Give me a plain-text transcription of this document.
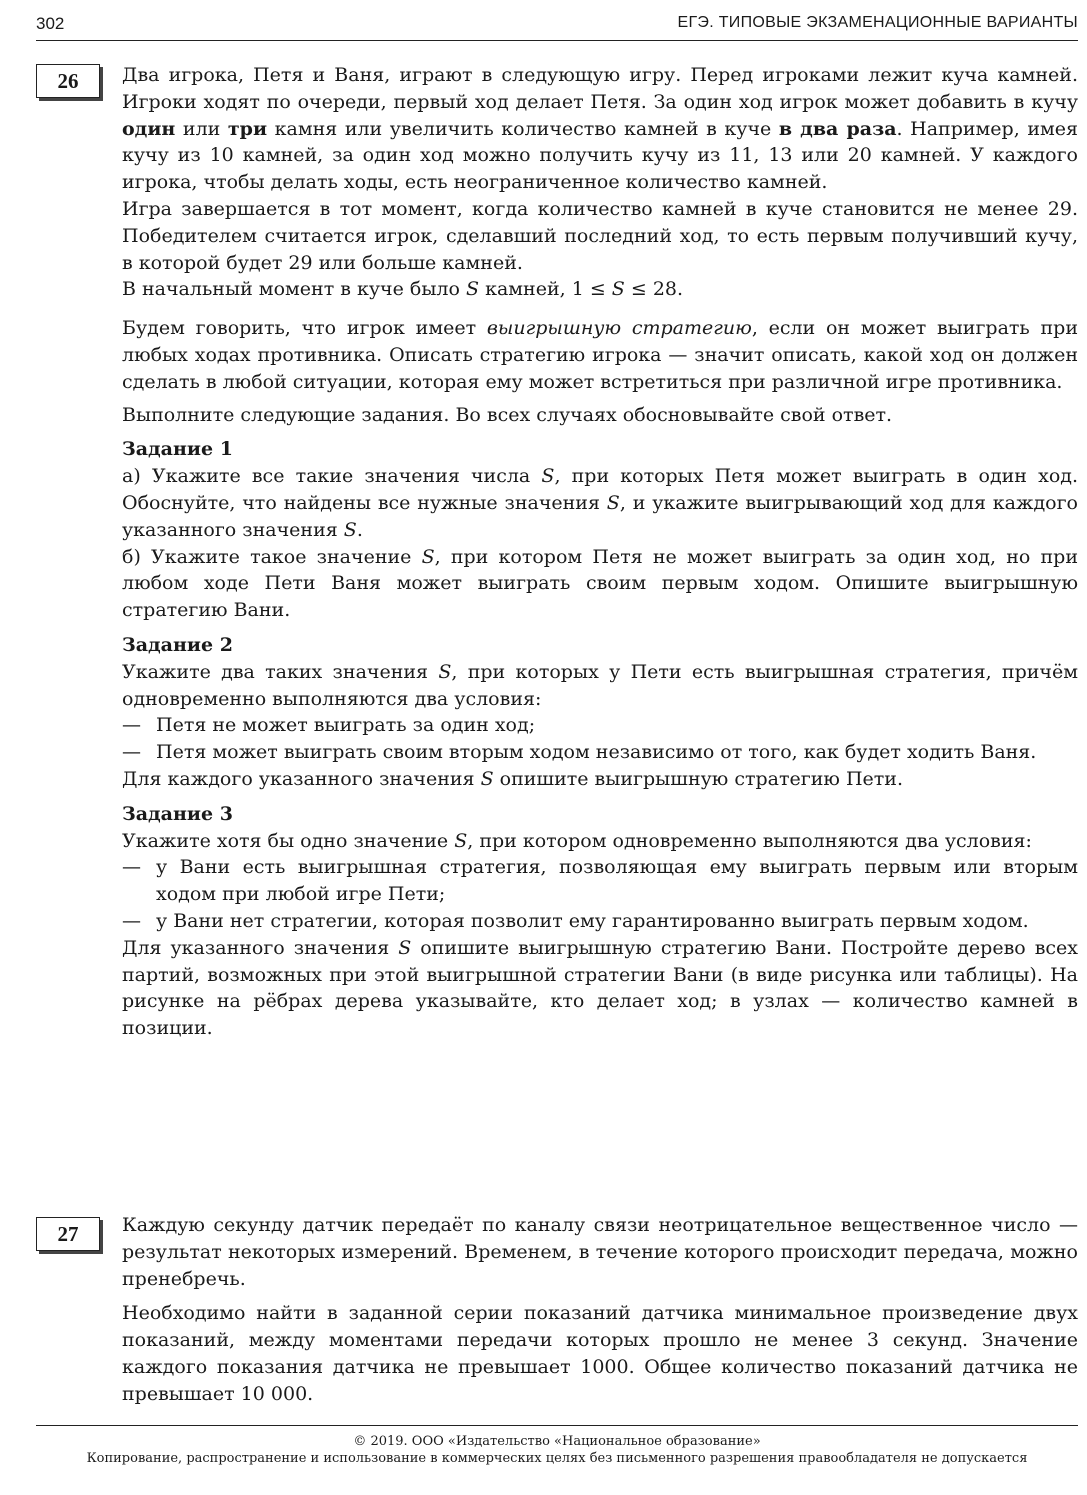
302	ЕГЭ. ТИПОВЫЕ ЭКЗАМЕНАЦИОННЫЕ ВАРИАНТЫ
26	Два игрока, Петя и Ваня, играют в следующую игру. Перед игроками лежит куча камней. Игроки ходят по очереди, первый ход делает Петя. За один ход игрок может добавить в кучу один или три камня или увеличить количество камней в куче в два раза. Например, имея кучу из 10 камней, за один ход можно получить кучу из 11, 13 или 20 камней. У каждого игрока, чтобы делать ходы, есть неограниченное количество камней.

Игра завершается в тот момент, когда количество камней в куче становится не менее 29. Победителем считается игрок, сделавший последний ход, то есть первым получивший кучу, в которой будет 29 или больше камней.

В начальный момент в куче было S камней, 1 ≤ S ≤ 28.

Будем говорить, что игрок имеет выигрышную стратегию, если он может выиграть при любых ходах противника. Описать стратегию игрока — значит описать, какой ход он должен сделать в любой ситуации, которая ему может встретиться при различной игре противника.

Выполните следующие задания. Во всех случаях обосновывайте свой ответ.

Задание 1

а) Укажите все такие значения числа S, при которых Петя может выиграть в один ход. Обоснуйте, что найдены все нужные значения S, и укажите выигрывающий ход для каждого указанного значения S.

б) Укажите такое значение S, при котором Петя не может выиграть за один ход, но при любом ходе Пети Ваня может выиграть своим первым ходом. Опишите выигрышную стратегию Вани.

Задание 2

Укажите два таких значения S, при которых у Пети есть выигрышная стратегия, причём одновременно выполняются два условия:

— Петя не может выиграть за один ход;
— Петя может выиграть своим вторым ходом независимо от того, как будет ходить Ваня.

Для каждого указанного значения S опишите выигрышную стратегию Пети.

Задание 3

Укажите хотя бы одно значение S, при котором одновременно выполняются два условия:

— у Вани есть выигрышная стратегия, позволяющая ему выиграть первым или вторым ходом при любой игре Пети;
— у Вани нет стратегии, которая позволит ему гарантированно выиграть первым ходом.

Для указанного значения S опишите выигрышную стратегию Вани. Постройте дерево всех партий, возможных при этой выигрышной стратегии Вани (в виде рисунка или таблицы). На рисунке на рёбрах дерева указывайте, кто делает ход; в узлах — количество камней в позиции.

27	Каждую секунду датчик передаёт по каналу связи неотрицательное вещественное число — результат некоторых измерений. Временем, в течение которого происходит передача, можно пренебречь.

Необходимо найти в заданной серии показаний датчика минимальное произведение двух показаний, между моментами передачи которых прошло не менее 3 секунд. Значение каждого показания датчика не превышает 1000. Общее количество показаний датчика не превышает 10 000.

© 2019. ООО «Издательство «Национальное образование»
Копирование, распространение и использование в коммерческих целях без письменного разрешения правообладателя не допускается
